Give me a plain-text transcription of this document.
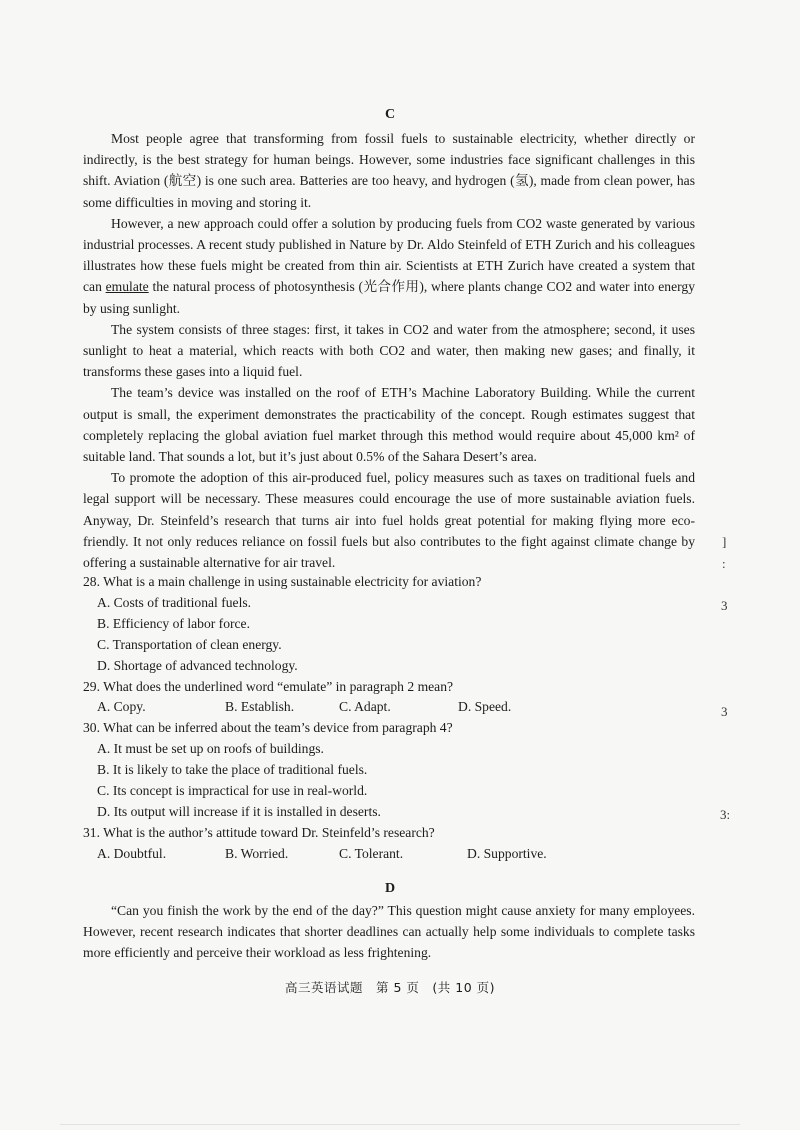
C

Most people agree that transforming from fossil fuels to sustainable electricity, whether directly or indirectly, is the best strategy for human beings. However, some industries face significant challenges in this shift. Aviation (航空) is one such area. Batteries are too heavy, and hydrogen (氢), made from clean power, has some difficulties in moving and storing it.

However, a new approach could offer a solution by producing fuels from CO2 waste generated by various industrial processes. A recent study published in Nature by Dr. Aldo Steinfeld of ETH Zurich and his colleagues illustrates how these fuels might be created from thin air. Scientists at ETH Zurich have created a system that can emulate the natural process of photosynthesis (光合作用), where plants change CO2 and water into energy by using sunlight.

The system consists of three stages: first, it takes in CO2 and water from the atmosphere; second, it uses sunlight to heat a material, which reacts with both CO2 and water, then making new gases; and finally, it transforms these gases into a liquid fuel.

The team’s device was installed on the roof of ETH’s Machine Laboratory Building. While the current output is small, the experiment demonstrates the practicability of the concept. Rough estimates suggest that completely replacing the global aviation fuel market through this method would require about 45,000 km² of suitable land. That sounds a lot, but it’s just about 0.5% of the Sahara Desert’s area.

To promote the adoption of this air-produced fuel, policy measures such as taxes on traditional fuels and legal support will be necessary. These measures could encourage the use of more sustainable aviation fuels. Anyway, Dr. Steinfeld’s research that turns air into fuel holds great potential for making flying more eco-friendly. It not only reduces reliance on fossil fuels but also contributes to the fight against climate change by offering a sustainable alternative for air travel.

28. What is a main challenge in using sustainable electricity for aviation?

A. Costs of traditional fuels.

B. Efficiency of labor force.

C. Transportation of clean energy.

D. Shortage of advanced technology.

29. What does the underlined word “emulate” in paragraph 2 mean?

A. Copy.	B. Establish.	C. Adapt.	D. Speed.

30. What can be inferred about the team’s device from paragraph 4?

A. It must be set up on roofs of buildings.

B. It is likely to take the place of traditional fuels.

C. Its concept is impractical for use in real-world.

D. Its output will increase if it is installed in deserts.

31. What is the author’s attitude toward Dr. Steinfeld’s research?

A. Doubtful.	B. Worried.	C. Tolerant.	D. Supportive.
D

“Can you finish the work by the end of the day?” This question might cause anxiety for many employees. However, recent research indicates that shorter deadlines can actually help some individuals to complete tasks more efficiently and perceive their workload as less frightening.

高三英语试题　第 5 页　(共 10 页)
]
:
3
3
3:
